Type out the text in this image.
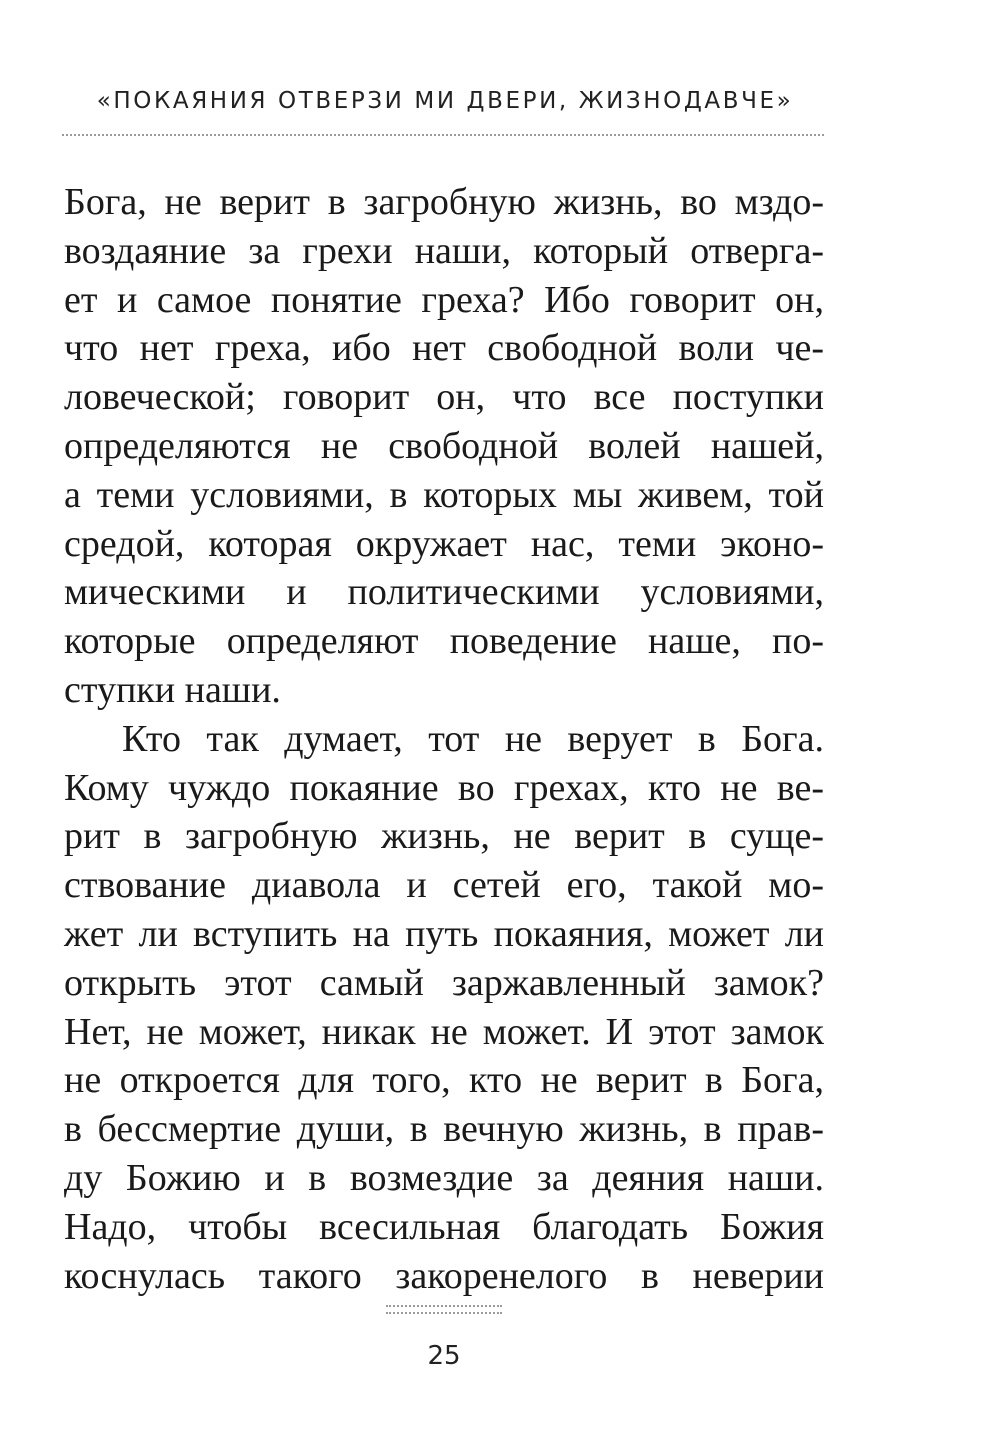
«ПОКАЯНИЯ ОТВЕРЗИ МИ ДВЕРИ, ЖИЗНОДАВЧЕ»
Бога, не верит в загробную жизнь, во мздо-
воздаяние за грехи наши, который отверга-
ет и самое понятие греха? Ибо говорит он,
что нет греха, ибо нет свободной воли че-
ловеческой; говорит он, что все поступки
определяются не свободной волей нашей,
а теми условиями, в которых мы живем, той
средой, которая окружает нас, теми эконо-
мическими и политическими условиями,
которые определяют поведение наше, по-
ступки наши.
Кто так думает, тот не верует в Бога.
Кому чуждо покаяние во грехах, кто не ве-
рит в загробную жизнь, не верит в суще-
ствование диавола и сетей его, такой мо-
жет ли вступить на путь покаяния, может ли
открыть этот самый заржавленный замок?
Нет, не может, никак не может. И этот замок
не откроется для того, кто не верит в Бога,
в бессмертие души, в вечную жизнь, в прав-
ду Божию и в возмездие за деяния наши.
Надо, чтобы всесильная благодать Божия
коснулась такого закоренелого в неверии
25
